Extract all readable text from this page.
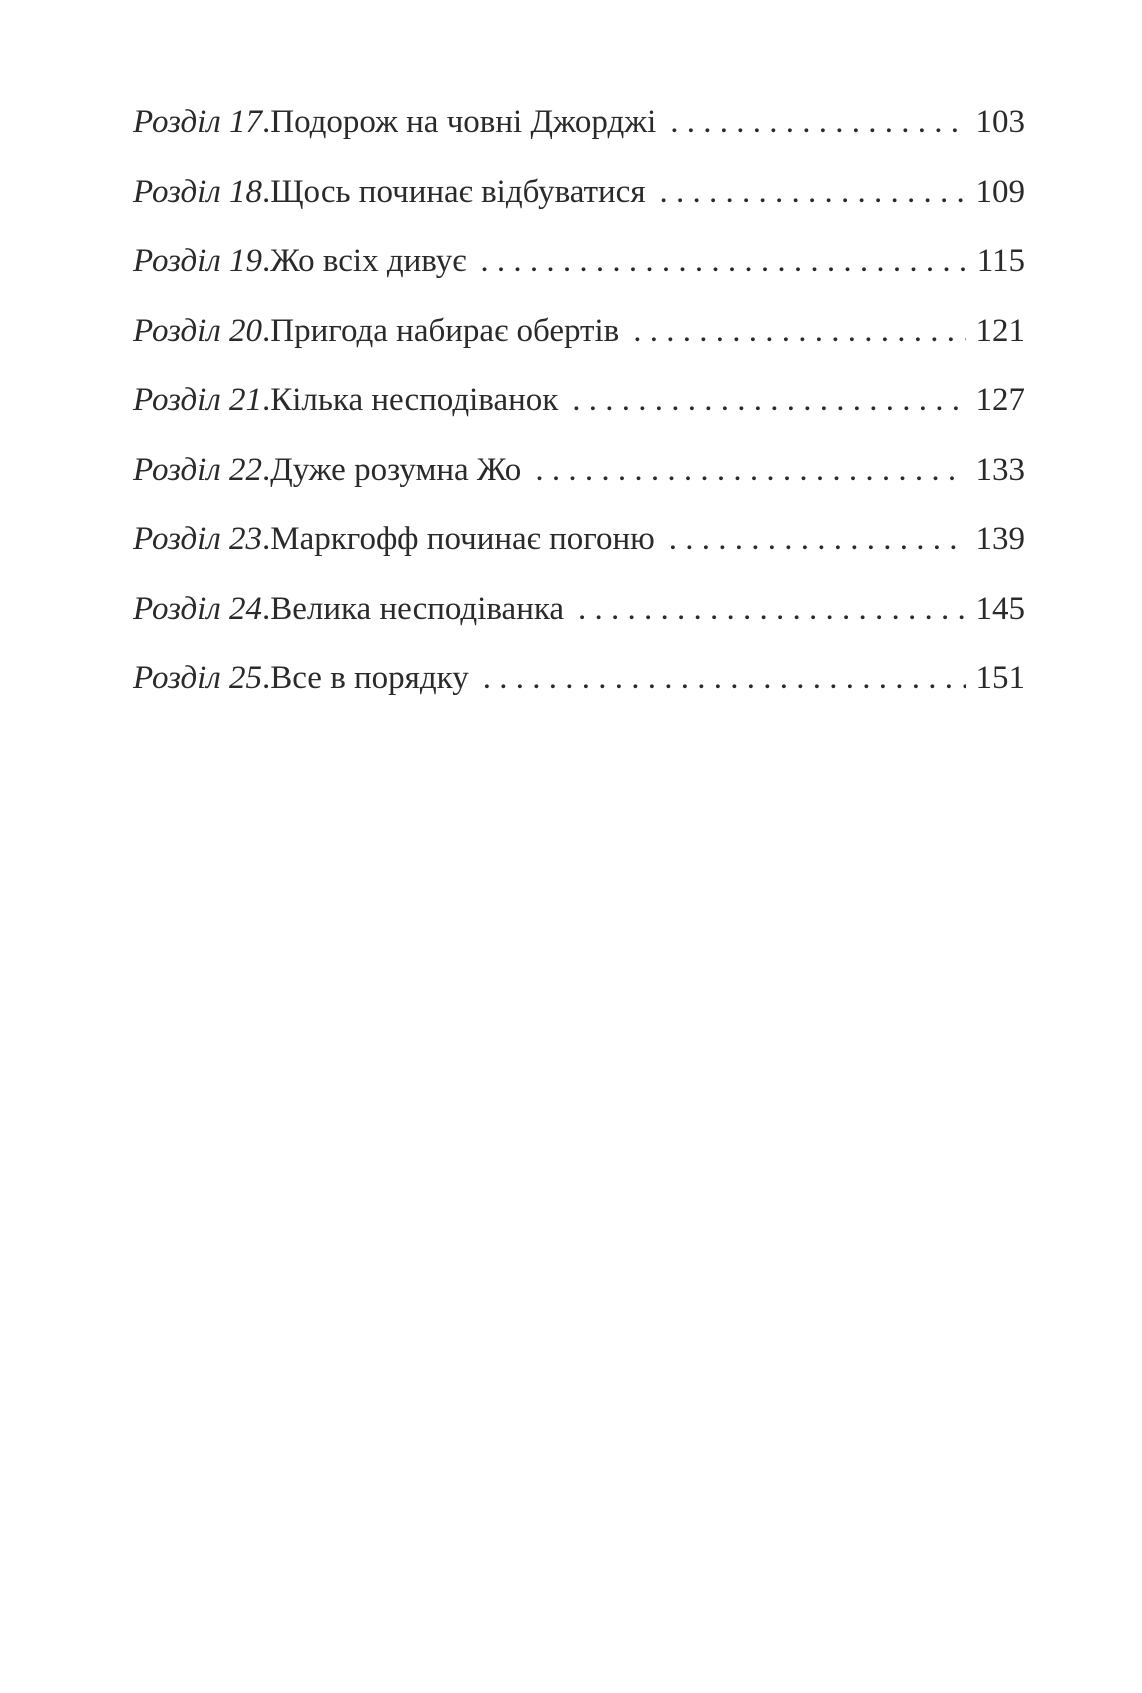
Розділ 17 . Подорож на човні Джорджі . . .	103
Розділ 18 . Щось починає відбуватися . . .	109
Розділ 19 . Жо всіх дивує . . .	115
Розділ 20 . Пригода набирає обертів . . .	121
Розділ 21 . Кілька несподіванок . . .	127
Розділ 22 . Дуже розумна Жо . . .	133
Розділ 23 . Маркгофф починає погоню . . .	139
Розділ 24 . Велика несподіванка . . .	145
Розділ 25 . Все в порядку . . .	151
